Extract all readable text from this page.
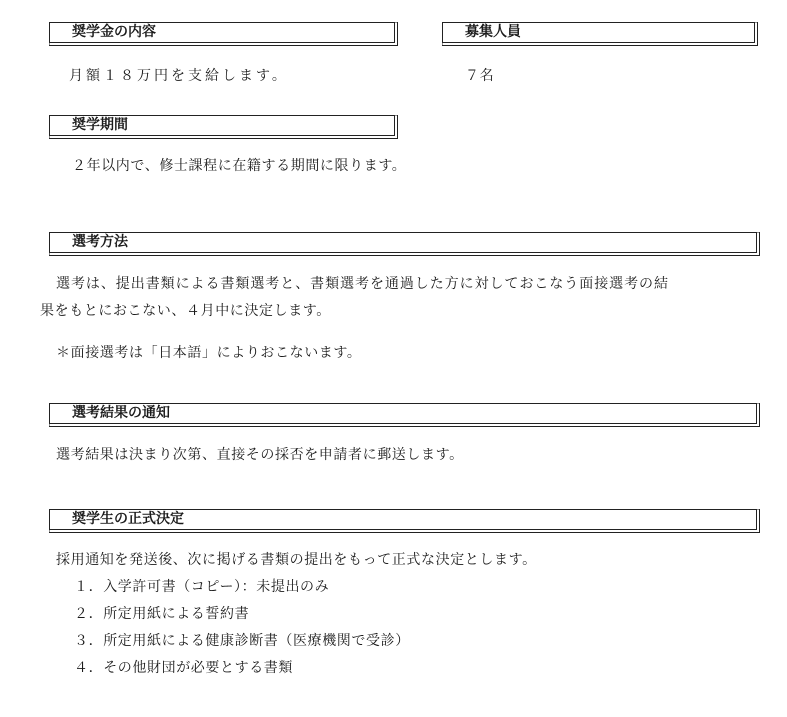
奨学金の内容
月額１８万円を支給します。
募集人員
７名
奨学期間
２年以内で、修士課程に在籍する期間に限ります。
選考方法
選考は、提出書類による書類選考と、書類選考を通過した方に対しておこなう面接選考の結
果をもとにおこない、４月中に決定します。
＊面接選考は「日本語」によりおこないます。
選考結果の通知
選考結果は決まり次第、直接その採否を申請者に郵送します。
奨学生の正式決定
採用通知を発送後、次に掲げる書類の提出をもって正式な決定とします。
１．入学許可書（コピー）：未提出のみ
２．所定用紙による誓約書
３．所定用紙による健康診断書（医療機関で受診）
４．その他財団が必要とする書類
